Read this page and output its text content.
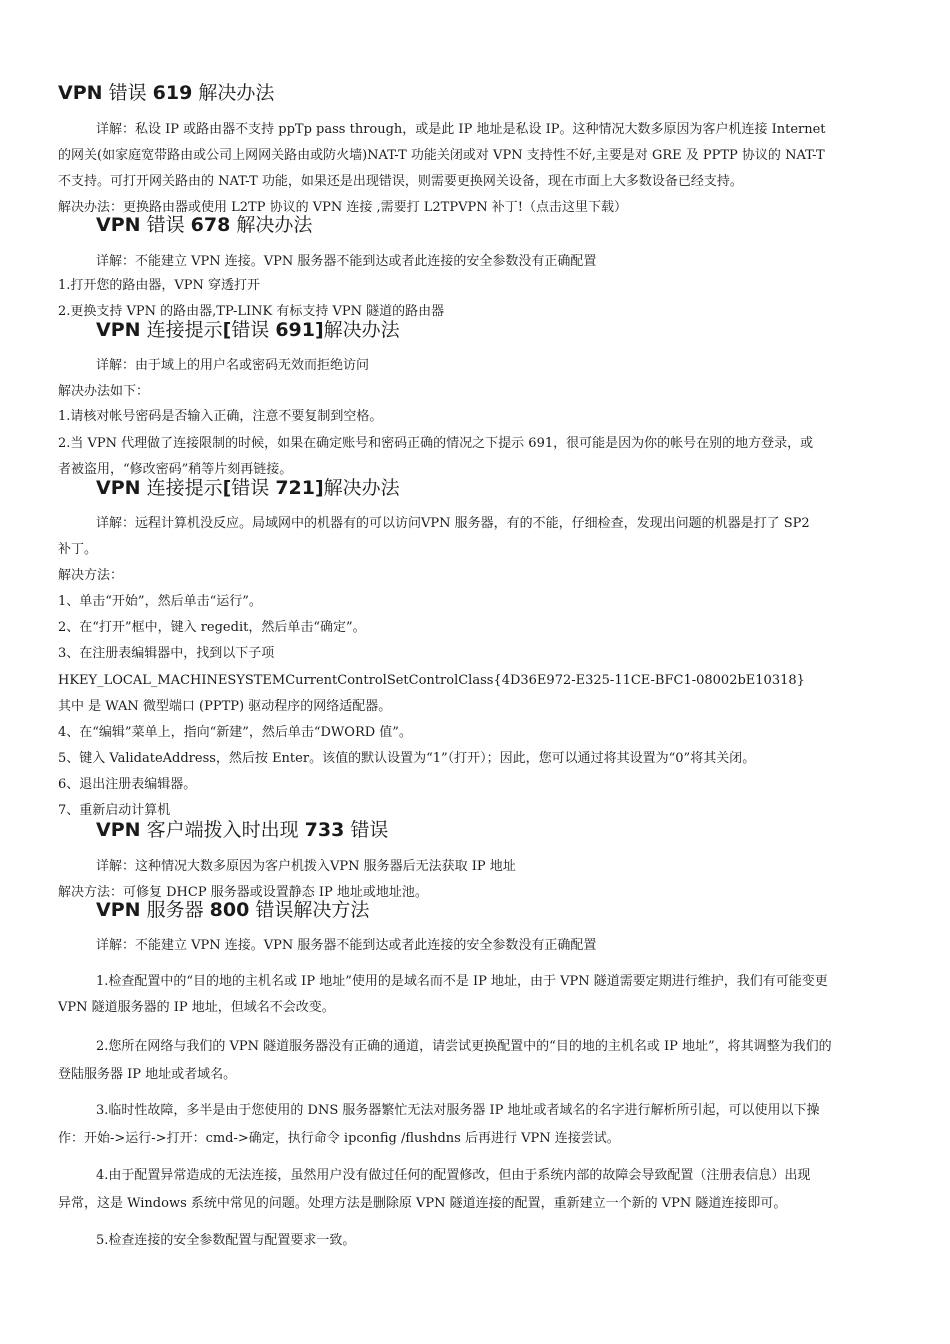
VPN 错误 619 解决办法
详解：私设 IP 或路由器不支持 ppTp pass through，或是此 IP 地址是私设 IP。这种情况大数多原因为客户机连接 Internet
的网关(如家庭宽带路由或公司上网网关路由或防火墙)NAT-T 功能关闭或对 VPN 支持性不好,主要是对 GRE 及 PPTP 协议的 NAT-T
不支持。可打开网关路由的 NAT-T 功能，如果还是出现错误，则需要更换网关设备，现在市面上大多数设备已经支持。
解决办法：更换路由器或使用 L2TP 协议的 VPN 连接 ,需要打 L2TPVPN 补丁!（点击这里下载）
VPN 错误 678 解决办法
详解：不能建立 VPN 连接。VPN 服务器不能到达或者此连接的安全参数没有正确配置
1.打开您的路由器，VPN 穿透打开
2.更换支持 VPN 的路由器,TP-LINK 有标支持 VPN 隧道的路由器
VPN 连接提示[错误 691]解决办法
详解：由于域上的用户名或密码无效而拒绝访问
解决办法如下：
1.请核对帐号密码是否输入正确，注意不要复制到空格。
2.当 VPN 代理做了连接限制的时候，如果在确定账号和密码正确的情况之下提示 691，很可能是因为你的帐号在别的地方登录，或
者被盗用，“修改密码”稍等片刻再链接。
VPN 连接提示[错误 721]解决办法
详解：远程计算机没反应。局域网中的机器有的可以访问VPN 服务器，有的不能，仔细检查，发现出问题的机器是打了 SP2
补丁。
解决方法：
1、单击“开始”，然后单击“运行”。
2、在“打开”框中，键入 regedit，然后单击“确定”。
3、在注册表编辑器中，找到以下子项
HKEY_LOCAL_MACHINESYSTEMCurrentControlSetControlClass{4D36E972-E325-11CE-BFC1-08002bE10318}
其中 是 WAN 微型端口 (PPTP) 驱动程序的网络适配器。
4、在“编辑”菜单上，指向“新建”，然后单击“DWORD 值”。
5、键入 ValidateAddress，然后按 Enter。该值的默认设置为“1”（打开）；因此，您可以通过将其设置为“0”将其关闭。
6、退出注册表编辑器。
7、重新启动计算机
VPN 客户端拨入时出现 733 错误
详解：这种情况大数多原因为客户机拨入VPN 服务器后无法获取 IP 地址
解决方法：可修复 DHCP 服务器或设置静态 IP 地址或地址池。
VPN 服务器 800 错误解决方法
详解：不能建立 VPN 连接。VPN 服务器不能到达或者此连接的安全参数没有正确配置
1.检查配置中的“目的地的主机名或 IP 地址”使用的是域名而不是 IP 地址，由于 VPN 隧道需要定期进行维护，我们有可能变更
VPN 隧道服务器的 IP 地址，但域名不会改变。
2.您所在网络与我们的 VPN 隧道服务器没有正确的通道，请尝试更换配置中的“目的地的主机名或 IP 地址”，将其调整为我们的
登陆服务器 IP 地址或者域名。
3.临时性故障，多半是由于您使用的 DNS 服务器繁忙无法对服务器 IP 地址或者域名的名字进行解析所引起，可以使用以下操
作：开始->运行->打开：cmd->确定，执行命令 ipconfig /flushdns 后再进行 VPN 连接尝试。
4.由于配置异常造成的无法连接，虽然用户没有做过任何的配置修改，但由于系统内部的故障会导致配置（注册表信息）出现
异常，这是 Windows 系统中常见的问题。处理方法是删除原 VPN 隧道连接的配置，重新建立一个新的 VPN 隧道连接即可。
5.检查连接的安全参数配置与配置要求一致。
